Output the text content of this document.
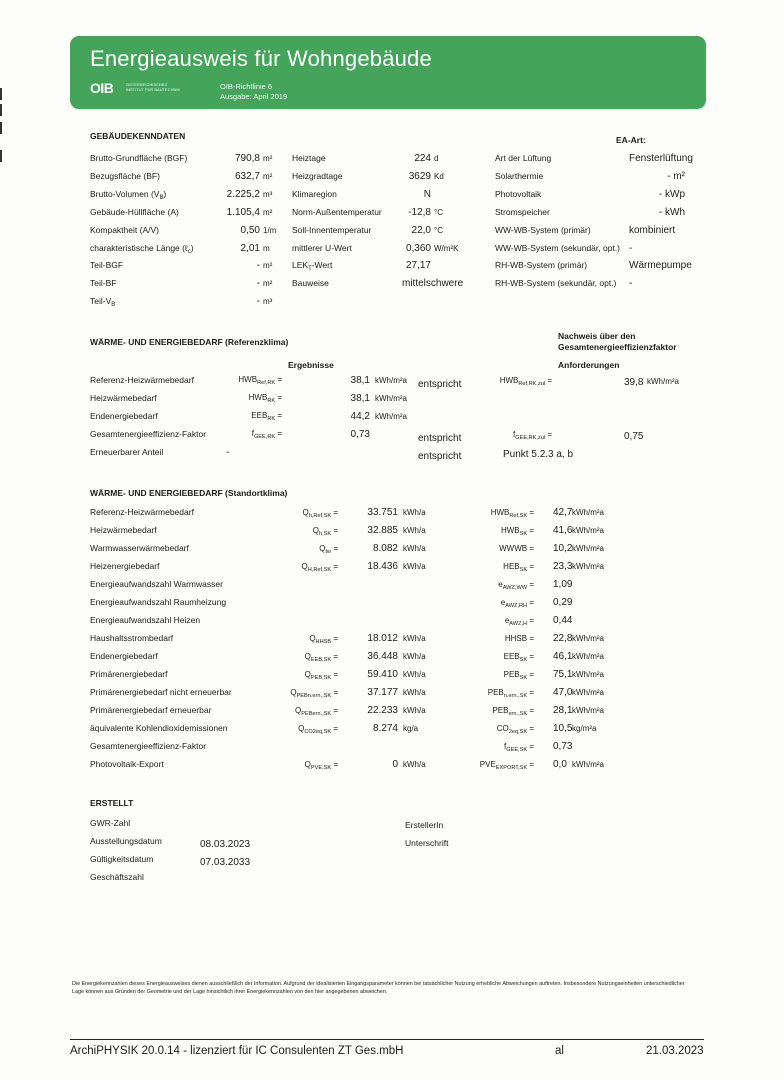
Energieausweis für Wohngebäude
OIB	ÖSTERREICHISCHES
INSTITUT FÜR BAUTECHNIK	OIB-Richtlinie 6
Ausgabe: April 2019
GEBÄUDEKENNDATEN	EA-Art:
Brutto-Grundfläche (BGF)	790,8 m²
Bezugsfläche (BF)	632,7 m²
Brutto-Volumen $(V_B)$	2.225,2 m³
Gebäude-Hüllfläche (A)	1.105,4 m²
Kompaktheit (A/V)	0,50 1/m
charakteristische Länge (ℓ$_c$)	2,01 m
Teil-BGF	- m²
Teil-BF	- m²
Teil-$V_B$	- m³
Heiztage	224 d
Heizgradtage	3629 Kd
Klimaregion	N
Norm-Außentemperatur	-12,8 °C
Soll-Innentemperatur	22,0 °C
mittlerer U-Wert	0,360 W/m²K
$LEK_T$-Wert	27,17
Bauweise	mittelschwere
Art der Lüftung	Fensterlüftung
Solarthermie	- m²
Photovoltaik	- kWp
Stromspeicher	- kWh
WW-WB-System (primär)	kombiniert
WW-WB-System (sekundär, opt.) -
RH-WB-System (primär)	Wärmepumpe
RH-WB-System (sekundär, opt.) -
WÄRME- UND ENERGIEBEDARF (Referenzklima)
Nachweis über den
Gesamtenergieeffizienzfaktor
Ergebnisse	Anforderungen
Referenz-Heizwärmebedarf	$HWB_{Ref,RK}$ =	38,1 kWh/m²a entspricht	$HWB_{Ref,RK,zul}$ =	39,8 kWh/m²a
Heizwärmebedarf	$HWB_{RK}$ =	38,1 kWh/m²a
Endenergiebedarf	$EEB_{RK}$ =	44,2 kWh/m²a
Gesamtenergieeffizienz-Faktor	$f_{GEE,RK}$ =	0,73	entspricht	$f_{GEE,RK,zul}$ =	0,75
Erneuerbarer Anteil	-	entspricht	Punkt 5.2.3 a, b
WÄRME- UND ENERGIEBEDARF (Standortklima)
Referenz-Heizwärmebedarf	$Q_{h,Ref,SK}$ =	33.751 kWh/a	$HWB_{Ref,SK} = 42,7$ kWh/m²a
Heizwärmebedarf	$Q_{h,SK}$ =	32.885 kWh/a	$HWB_{SK} = 41,6$ kWh/m²a
Warmwasserwärmebedarf	$Q_{tw}$ =	8.082 kWh/a	WWWB = 10,2 kWh/m²a
Heizenergiebedarf	$Q_{H,Ref,SK}$ =	18.436 kWh/a	$HEB_{SK} = 23,3$ kWh/m²a
Energieaufwandszahl Warmwasser	$e_{AWZ,WW} = 1,09$
Energieaufwandszahl Raumheizung	$e_{AWZ,RH} = 0,29$
Energieaufwandszahl Heizen	$e_{AWZ,H} = 0,44$
Haushaltsstrombedarf	$Q_{HHSB}$ =	18.012 kWh/a	HHSB = 22,8 kWh/m²a
Endenergiebedarf	$Q_{EEB,SK}$ =	36.448 kWh/a	$EEB_{SK} = 46,1$ kWh/m²a
Primärenergiebedarf	$Q_{PEB,SK}$ =	59.410 kWh/a	$PEB_{SK} = 75,1$ kWh/m²a
Primärenergiebedarf nicht erneuerbar	$Q_{PEBn.ern.,SK}$ =	37.177 kWh/a	$PEB_{n.ern.,SK} = 47,0$ kWh/m²a
Primärenergiebedarf erneuerbar	$Q_{PEBern.,SK}$ =	22.233 kWh/a	$PEB_{ern.,SK} = 28,1$ kWh/m²a
äquivalente Kohlendioxidemissionen	$Q_{CO2eq,SK}$ =	8.274 kg/a	$CO_{2eq,SK} = 10,5$ kg/m²a
Gesamtenergieeffizienz-Faktor	$f_{GEE,SK} = 0,73$
Photovoltaik-Export	$Q_{PVE,SK}$ =	0 kWh/a	$PVE_{EXPORT,SK} = 0,0$ kWh/m²a
ERSTELLT
GWR-Zahl
Ausstellungsdatum	08.03.2023
Gültigkeitsdatum	07.03.2033
Geschäftszahl
ErstellerIn
Unterschrift
Die Energiekennzahlen dieses Energieausweises dienen ausschließlich der Information. Aufgrund der idealisierten Eingangsparameter können bei tatsächlicher Nutzung erhebliche Abweichungen auftreten. Insbesondere Nutzungseinheiten unterschiedlicher Lage können aus Gründen der Geometrie und der Lage hinsichtlich ihrer Energiekennzahlen von den hier angegebenen abweichen.
ArchiPHYSIK 20.0.14 - lizenziert für IC Consulenten ZT Ges.mbH	al	21.03.2023
